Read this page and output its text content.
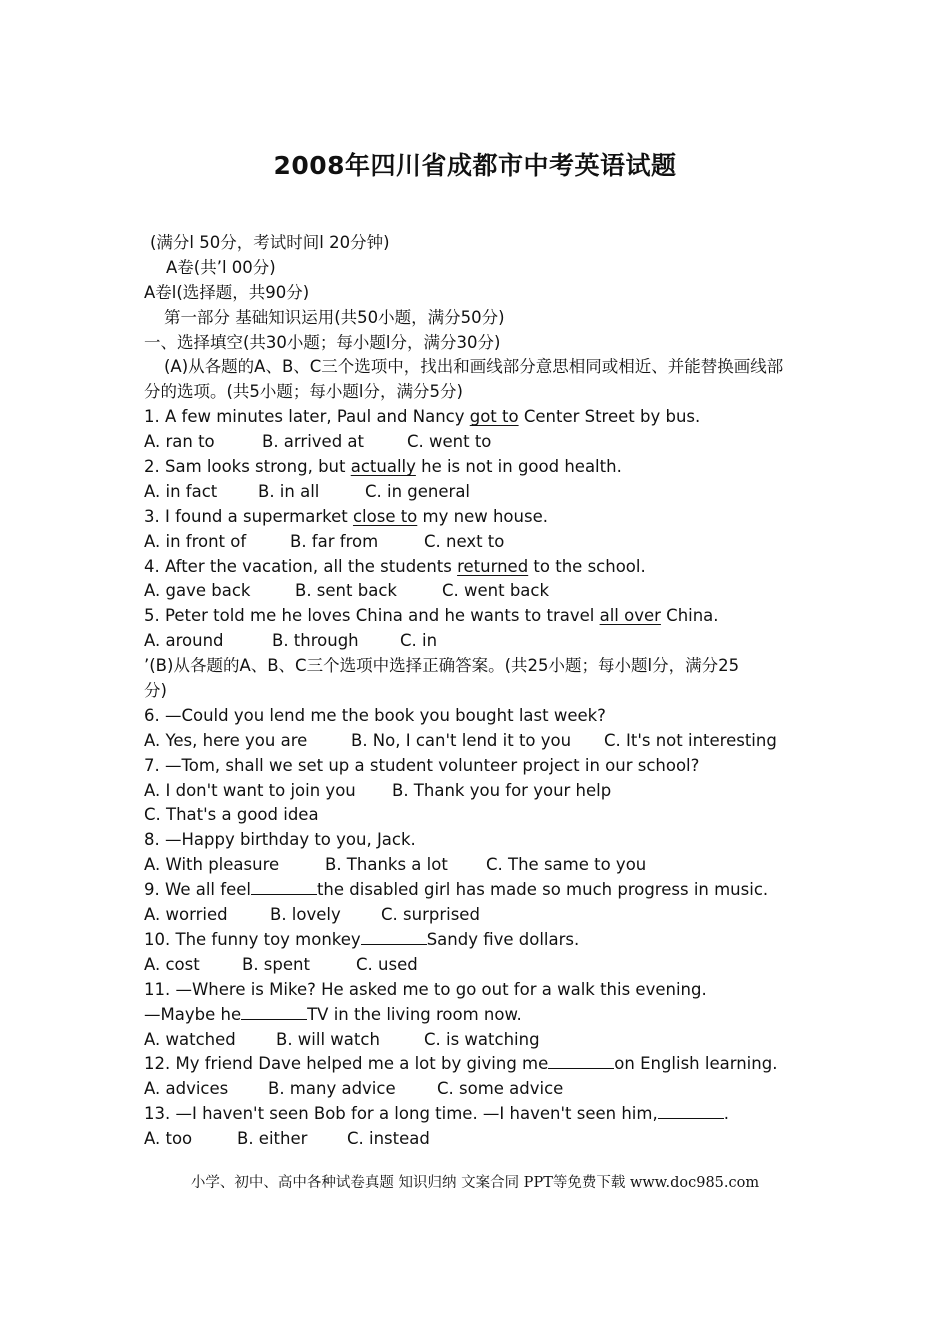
2008年四川省成都市中考英语试题
(满分l 50分，考试时间l 20分钟)
A卷(共’l 00分)
A卷l(选择题，共90分)
第一部分 基础知识运用(共50小题，满分50分)
一、选择填空(共30小题；每小题l分，满分30分)
(A)从各题的A、B、C三个选项中，找出和画线部分意思相同或相近、并能替换画线部
分的选项。(共5小题；每小题l分，满分5分)
1. A few minutes later, Paul and Nancy got to Center Street by bus.
A. ran to	B. arrived at	C. went to
2. Sam looks strong, but actually he is not in good health.
A. in fact B. in all	C. in general
3. I found a supermarket close to my new house.
A. in front of	B. far from	C. next to
4. After the vacation, all the students returned to the school.
A. gave back	B. sent back	C. went back
5. Peter told me he loves China and he wants to travel all over China.
A. around	B. through	C. in
’(B)从各题的A、B、C三个选项中选择正确答案。(共25小题；每小题l分，满分25
分)
6. —Could you lend me the book you bought last week?
A. Yes, here you are	B. No, I can't lend it to you C. It's not interesting
7. —Tom, shall we set up a student volunteer project in our school?
A. I don't want to join you B. Thank you for your help
C. That's a good idea
8. —Happy birthday to you, Jack.
A. With pleasure	B. Thanks a lot C. The same to you
9. We all feel	the disabled girl has made so much progress in music.
A. worried	B. lovely C. surprised
10. The funny toy monkey	Sandy five dollars.
A. cost	B. spent	C. used
11. —Where is Mike? He asked me to go out for a walk this evening.
—Maybe he	TV in the living room now.
A. watched B. will watch	C. is watching
12. My friend Dave helped me a lot by giving me	on English learning.
A. advices B. many advice	C. some advice
13. —I haven't seen Bob for a long time. —I haven't seen him,	.
A. too	B. either C. instead
小学、初中、高中各种试卷真题 知识归纳 文案合同 PPT等免费下载 www.doc985.com
